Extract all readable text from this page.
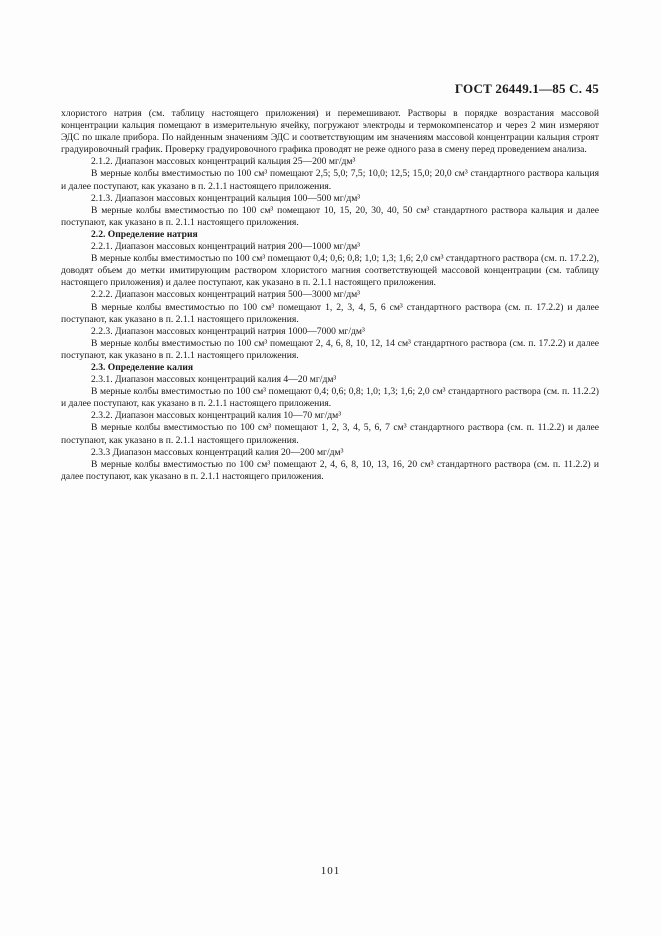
ГОСТ 26449.1—85 С. 45

хлористого натрия (см. таблицу настоящего приложения) и перемешивают. Растворы в порядке возрастания массовой концентрации кальция помещают в измерительную ячейку, погружают электроды и термокомпенсатор и через 2 мин измеряют ЭДС по шкале прибора. По найденным значениям ЭДС и соответствующим им значениям массовой концентрации кальция строят градуировочный график. Проверку градуировочного графика проводят не реже одного раза в смену перед проведением анализа.

2.1.2. Диапазон массовых концентраций кальция 25—200 мг/дм³

В мерные колбы вместимостью по 100 см³ помещают 2,5; 5,0; 7,5; 10,0; 12,5; 15,0; 20,0 см³ стандартного раствора кальция и далее поступают, как указано в п. 2.1.1 настоящего приложения.

2.1.3. Диапазон массовых концентраций кальция 100—500 мг/дм³

В мерные колбы вместимостью по 100 см³ помещают 10, 15, 20, 30, 40, 50 см³ стандартного раствора кальция и далее поступают, как указано в п. 2.1.1 настоящего приложения.

2.2. Определение натрия

2.2.1. Диапазон массовых концентраций натрия 200—1000 мг/дм³

В мерные колбы вместимостью по 100 см³ помещают 0,4; 0,6; 0,8; 1,0; 1,3; 1,6; 2,0 см³ стандартного раствора (см. п. 17.2.2), доводят объем до метки имитирующим раствором хлористого магния соответствующей массовой концентрации (см. таблицу настоящего приложения) и далее поступают, как указано в п. 2.1.1 настоящего приложения.

2.2.2. Диапазон массовых концентраций натрия 500—3000 мг/дм³

В мерные колбы вместимостью по 100 см³ помещают 1, 2, 3, 4, 5, 6 см³ стандартного раствора (см. п. 17.2.2) и далее поступают, как указано в п. 2.1.1 настоящего приложения.

2.2.3. Диапазон массовых концентраций натрия 1000—7000 мг/дм³

В мерные колбы вместимостью по 100 см³ помещают 2, 4, 6, 8, 10, 12, 14 см³ стандартного раствора (см. п. 17.2.2) и далее поступают, как указано в п. 2.1.1 настоящего приложения.

2.3. Определение калия

2.3.1. Диапазон массовых концентраций калия 4—20 мг/дм³

В мерные колбы вместимостью по 100 см³ помещают 0,4; 0,6; 0,8; 1,0; 1,3; 1,6; 2,0 см³ стандартного раствора (см. п. 11.2.2) и далее поступают, как указано в п. 2.1.1 настоящего приложения.

2.3.2. Диапазон массовых концентраций калия 10—70 мг/дм³

В мерные колбы вместимостью по 100 см³ помещают 1, 2, 3, 4, 5, 6, 7 см³ стандартного раствора (см. п. 11.2.2) и далее поступают, как указано в п. 2.1.1 настоящего приложения.

2.3.3 Диапазон массовых концентраций калия 20—200 мг/дм³

В мерные колбы вместимостью по 100 см³ помещают 2, 4, 6, 8, 10, 13, 16, 20 см³ стандартного раствора (см. п. 11.2.2) и далее поступают, как указано в п. 2.1.1 настоящего приложения.

101
